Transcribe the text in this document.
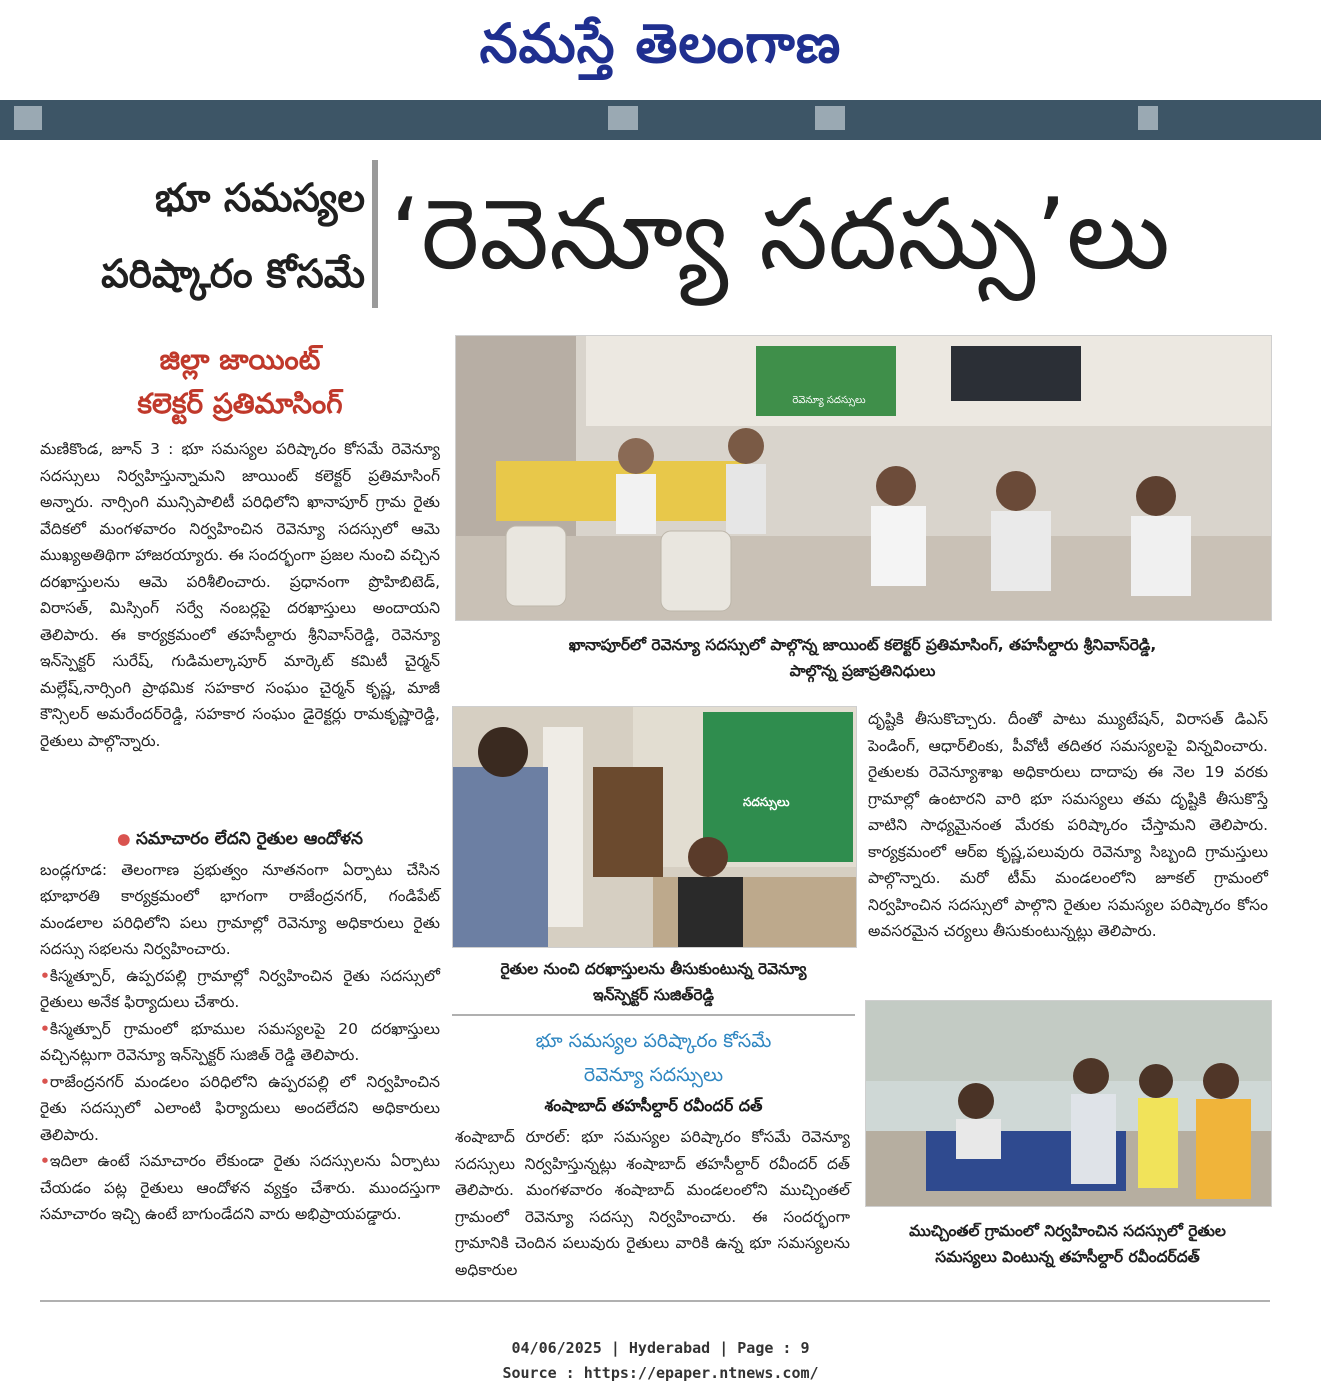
నమస్తే తెలంగాణ
భూ సమస్యల
పరిష్కారం కోసమే ‘రెవెన్యూ సదస్సు’లు
జిల్లా జాయింట్
కలెక్టర్ ప్రతిమాసింగ్
మణికొండ, జూన్ 3 : భూ సమస్యల పరిష్కారం కోసమే రెవెన్యూ సదస్సులు నిర్వహిస్తున్నామని జాయింట్ కలెక్టర్ ప్రతిమాసింగ్ అన్నారు. నార్సింగి మున్సిపాలిటీ పరిధిలోని ఖానాపూర్ గ్రామ రైతు వేదికలో మంగళవారం నిర్వహించిన రెవెన్యూ సదస్సులో ఆమె ముఖ్యఅతిథిగా హాజరయ్యారు. ఈ సందర్భంగా ప్రజల నుంచి వచ్చిన దరఖాస్తులను ఆమె పరిశీలించారు. ప్రధానంగా ప్రొహిబిటెడ్, విరాసత్, మిస్సింగ్ సర్వే నంబర్లపై దరఖాస్తులు అందాయని తెలిపారు. ఈ కార్యక్రమంలో తహసీల్దారు శ్రీనివాస్‌రెడ్డి, రెవెన్యూ ఇన్‌స్పెక్టర్ సురేష్, గుడిమల్కాపూర్ మార్కెట్ కమిటీ చైర్మన్ మల్లేష్,నార్సింగి ప్రాథమిక సహకార సంఘం చైర్మన్ కృష్ణ, మాజీ కౌన్సిలర్ అమరేందర్‌రెడ్డి, సహకార సంఘం డైరెక్టర్లు రామకృష్ణారెడ్డి, రైతులు పాల్గొన్నారు.
● సమాచారం లేదని రైతుల ఆందోళన
బండ్లగూడ: తెలంగాణ ప్రభుత్వం నూతనంగా ఏర్పాటు చేసిన భూభారతి కార్యక్రమంలో భాగంగా రాజేంద్రనగర్, గండిపేట్ మండలాల పరిధిలోని పలు గ్రామాల్లో రెవెన్యూ అధికారులు రైతు సదస్సు సభలను నిర్వహించారు.
•కిస్మత్పూర్, ఉప్పరపల్లి గ్రామాల్లో నిర్వహించిన రైతు సదస్సులో రైతులు అనేక ఫిర్యాదులు చేశారు.
•కిస్మత్పూర్ గ్రామంలో భూముల సమస్యలపై 20 దరఖాస్తులు వచ్చినట్లుగా రెవెన్యూ ఇన్‌స్పెక్టర్ సుజిత్ రెడ్డి తెలిపారు.
•రాజేంద్రనగర్ మండలం పరిధిలోని ఉప్పరపల్లి లో నిర్వహించిన రైతు సదస్సులో ఎలాంటి ఫిర్యాదులు అందలేదని అధికారులు తెలిపారు.
•ఇదిలా ఉంటే సమాచారం లేకుండా రైతు సదస్సులను ఏర్పాటు చేయడం పట్ల రైతులు ఆందోళన వ్యక్తం చేశారు. ముందస్తుగా సమాచారం ఇచ్చి ఉంటే బాగుండేదని వారు అభిప్రాయపడ్డారు.
రెవెన్యూ సదస్సులు
ఖానాపూర్‌లో రెవెన్యూ సదస్సులో పాల్గొన్న జాయింట్ కలెక్టర్ ప్రతిమాసింగ్, తహసీల్దారు శ్రీనివాస్‌రెడ్డి,
పాల్గొన్న ప్రజాప్రతినిధులు
సదస్సులు
రైతుల నుంచి దరఖాస్తులను తీసుకుంటున్న రెవెన్యూ
ఇన్‌స్పెక్టర్ సుజిత్‌రెడ్డి
భూ సమస్యల పరిష్కారం కోసమే
రెవెన్యూ సదస్సులు
శంషాబాద్ తహసీల్దార్ రవీందర్ దత్
శంషాబాద్ రూరల్: భూ సమస్యల పరిష్కారం కోసమే రెవెన్యూ సదస్సులు నిర్వహిస్తున్నట్లు శంషాబాద్ తహసీల్దార్ రవీందర్ దత్ తెలిపారు. మంగళవారం శంషాబాద్ మండలంలోని ముచ్చింతల్ గ్రామంలో రెవెన్యూ సదస్సు నిర్వహించారు. ఈ సందర్భంగా గ్రామానికి చెందిన పలువురు రైతులు వారికి ఉన్న భూ సమస్యలను అధికారుల
దృష్టికి తీసుకొచ్చారు. దీంతో పాటు మ్యుటేషన్, విరాసత్ డిఎస్ పెండింగ్, ఆధార్‌లింకు, పీవోటీ తదితర సమస్యలపై విన్నవించారు. రైతులకు రెవెన్యూశాఖ అధికారులు దాదాపు ఈ నెల 19 వరకు గ్రామాల్లో ఉంటారని వారి భూ సమస్యలు తమ దృష్టికి తీసుకొస్తే వాటిని సాధ్యమైనంత మేరకు పరిష్కారం చేస్తామని తెలిపారు. కార్యక్రమంలో ఆర్ఐ కృష్ణ,పలువురు రెవెన్యూ సిబ్బంది గ్రామస్తులు పాల్గొన్నారు. మరో టీమ్ మండలంలోని జూకల్ గ్రామంలో నిర్వహించిన సదస్సులో పాల్గొని రైతుల సమస్యల పరిష్కారం కోసం అవసరమైన చర్యలు తీసుకుంటున్నట్లు తెలిపారు.
ముచ్చింతల్ గ్రామంలో నిర్వహించిన సదస్సులో రైతుల
సమస్యలు వింటున్న తహసీల్దార్ రవీందర్‌దత్
04/06/2025 | Hyderabad | Page : 9
Source : https://epaper.ntnews.com/
